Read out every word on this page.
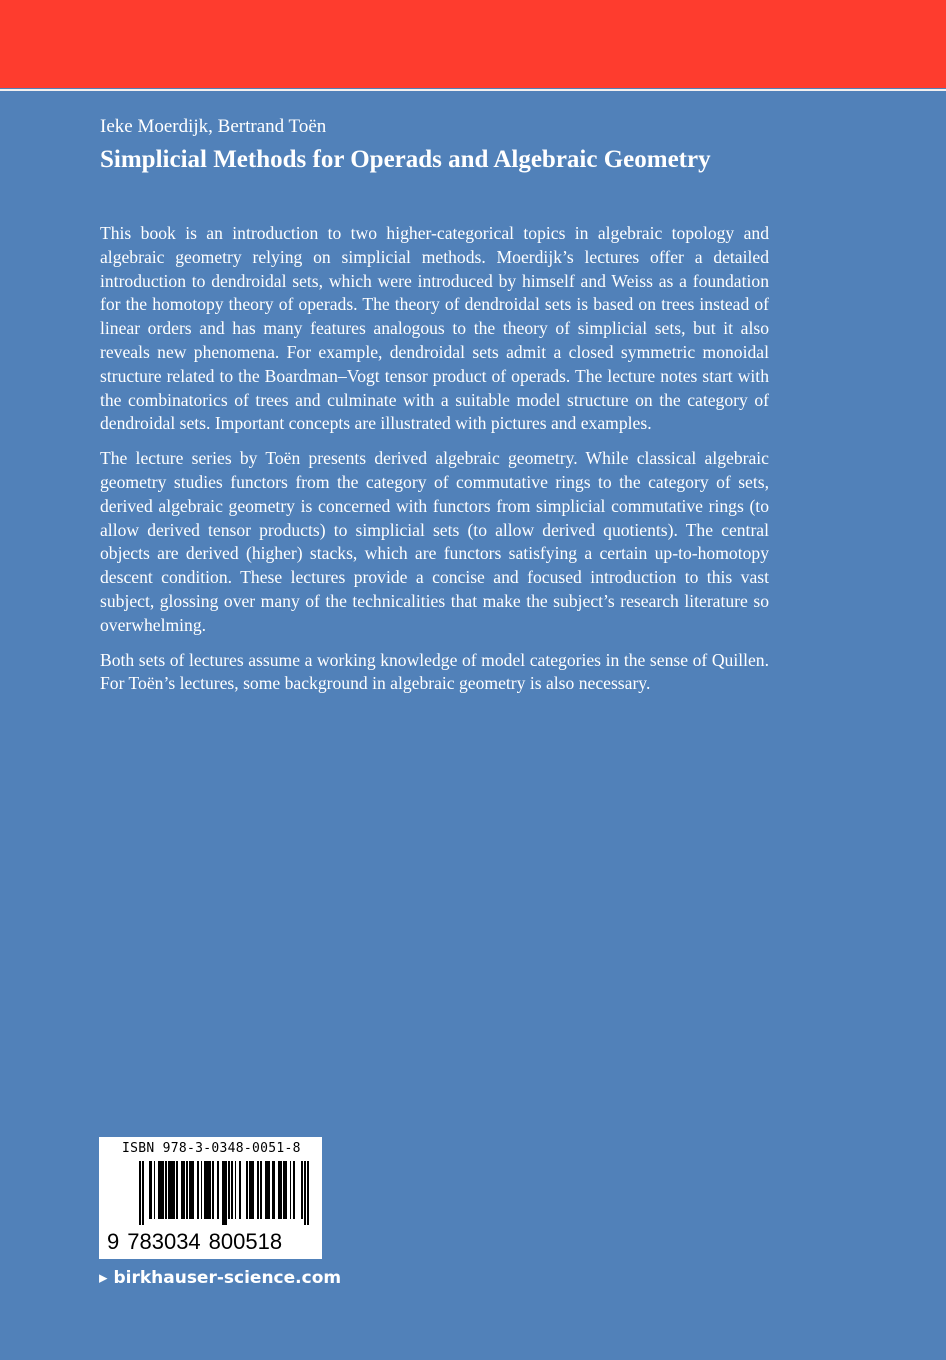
Ieke Moerdijk, Bertrand Toën
Simplicial Methods for Operads and Algebraic Geometry

This book is an introduction to two higher-categorical topics in algebraic topology and algebraic geometry relying on simplicial methods. Moerdijk’s lectures offer a detailed introduction to dendroidal sets, which were introduced by himself and Weiss as a foundation for the homotopy theory of operads. The theory of dendroidal sets is based on trees instead of linear orders and has many features analogous to the theory of simplicial sets, but it also reveals new phenomena. For example, dendroidal sets admit a closed symmetric monoidal structure related to the Boardman–Vogt tensor product of operads. The lecture notes start with the combinatorics of trees and culminate with a suitable model structure on the category of dendroidal sets. Important concepts are illustrated with pictures and examples.

The lecture series by Toën presents derived algebraic geometry. While classical algebraic geometry studies functors from the category of commutative rings to the category of sets, derived algebraic geometry is concerned with functors from simplicial commutative rings (to allow derived tensor products) to simplicial sets (to allow derived quotients). The central objects are derived (higher) stacks, which are functors satisfying a certain up-to-homotopy descent condition. These lectures provide a concise and focused introduction to this vast subject, glossing over many of the technicalities that make the subject’s research literature so overwhelming.

Both sets of lectures assume a working knowledge of model categories in the sense of Quillen. For Toën’s lectures, some background in algebraic geometry is also necessary.

ISBN 978-3-0348-0051-8
9 783034 800518
▸ birkhauser-science.com
